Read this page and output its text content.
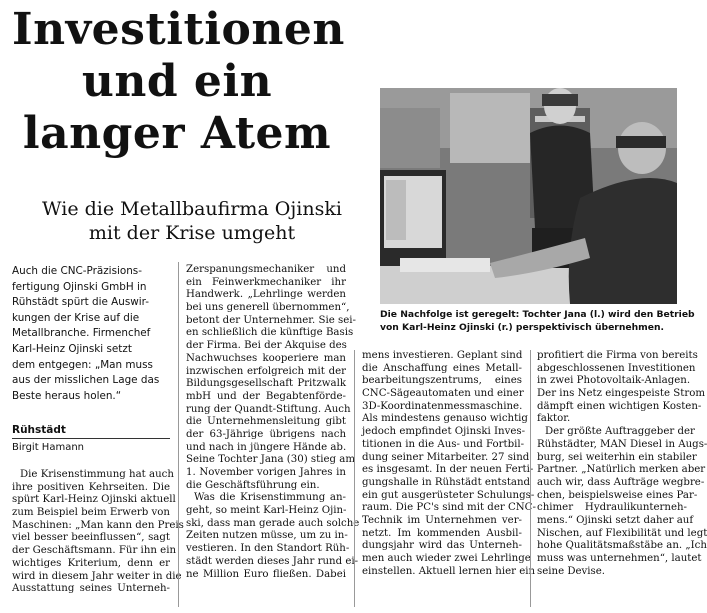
Investitionen
und ein
langer Atem
Wie die Metallbaufirma Ojinski
mit der Krise umgeht
Die Nachfolge ist geregelt: Tochter Jana (l.) wird den Betrieb
von Karl-Heinz Ojinski (r.) perspektivisch übernehmen.
Auch die CNC-Präzisions-
fertigung Ojinski GmbH in
Rühstädt spürt die Auswir-
kungen der Krise auf die
Metallbranche. Firmenchef
Karl-Heinz Ojinski setzt
dem entgegen: „Man muss
aus der misslichen Lage das
Beste heraus holen.“
Rühstädt
Birgit Hamann
Die Krisenstimmung hat auch
ihre positiven Kehrseiten. Die
spürt Karl-Heinz Ojinski aktuell
zum Beispiel beim Erwerb von
Maschinen: „Man kann den Preis
viel besser beeinflussen“, sagt
der Geschäftsmann. Für ihn ein
wichtiges Kriterium, denn er
wird in diesem Jahr weiter in die
Ausstattung seines Unterneh-
Zerspanungsmechaniker und
ein Feinwerkmechaniker ihr
Handwerk. „Lehrlinge werden
bei uns generell übernommen“,
betont der Unternehmer. Sie sei-
en schließlich die künftige Basis
der Firma. Bei der Akquise des
Nachwuchses kooperiere man
inzwischen erfolgreich mit der
Bildungsgesellschaft Pritzwalk
mbH und der Begabtenförde-
rung der Quandt-Stiftung. Auch
die Unternehmensleitung gibt
der 63-Jährige übrigens nach
und nach in jüngere Hände ab.
Seine Tochter Jana (30) stieg am
1. November vorigen Jahres in
die Geschäftsführung ein.
Was die Krisenstimmung an-
geht, so meint Karl-Heinz Ojin-
ski, dass man gerade auch solche
Zeiten nutzen müsse, um zu in-
vestieren. In den Standort Rüh-
städt werden dieses Jahr rund ei-
ne Million Euro fließen. Dabei
mens investieren. Geplant sind
die Anschaffung eines Metall-
bearbeitungszentrums, eines
CNC-Sägeautomaten und einer
3D-Koordinatenmessmaschine.
Als mindestens genauso wichtig
jedoch empfindet Ojinski Inves-
titionen in die Aus- und Fortbil-
dung seiner Mitarbeiter. 27 sind
es insgesamt. In der neuen Ferti-
gungshalle in Rühstädt entstand
ein gut ausgerüsteter Schulungs-
raum. Die PC's sind mit der CNC-
Technik im Unternehmen ver-
netzt. Im kommenden Ausbil-
dungsjahr wird das Unterneh-
men auch wieder zwei Lehrlinge
einstellen. Aktuell lernen hier ein
profitiert die Firma von bereits
abgeschlossenen Investitionen
in zwei Photovoltaik-Anlagen.
Der ins Netz eingespeiste Strom
dämpft einen wichtigen Kosten-
faktor.
Der größte Auftraggeber der
Rühstädter, MAN Diesel in Augs-
burg, sei weiterhin ein stabiler
Partner. „Natürlich merken aber
auch wir, dass Aufträge wegbre-
chen, beispielsweise eines Par-
chimer Hydraulikunterneh-
mens.“ Ojinski setzt daher auf
Nischen, auf Flexibilität und legt
hohe Qualitätsmaßstäbe an. „Ich
muss was unternehmen“, lautet
seine Devise.
